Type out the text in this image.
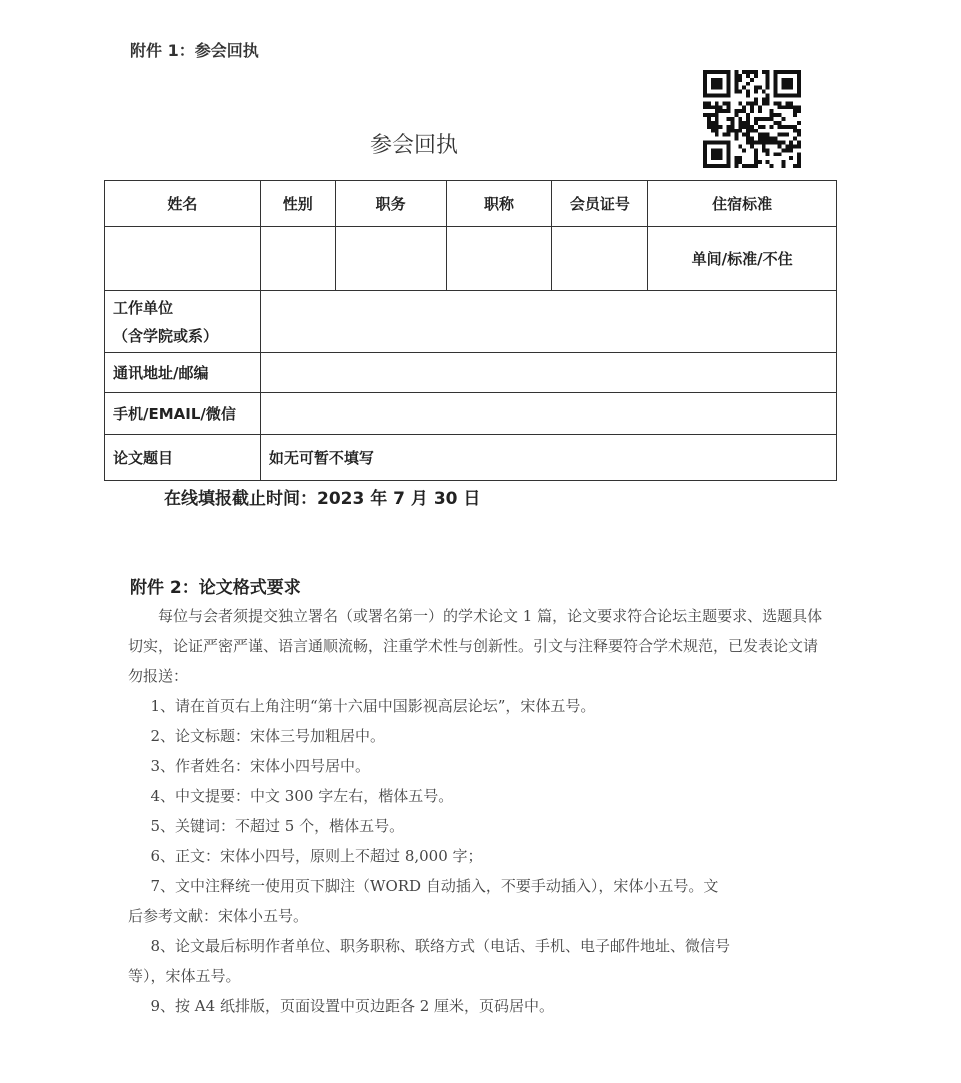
附件 1：参会回执
参会回执
姓名	性别	职务	职称	会员证号	住宿标准
					单间/标准/不住

工作单位
（含学院或系）					

通讯地址/邮编					
手机/EMAIL/微信					
论文题目	如无可暂不填写				
在线填报截止时间：2023 年 7 月 30 日
附件 2：论文格式要求

每位与会者须提交独立署名（或署名第一）的学术论文 1 篇，论文要求符合论坛主题要求、选题具体切实，论证严密严谨、语言通顺流畅，注重学术性与创新性。引文与注释要符合学术规范，已发表论文请勿报送：

1、请在首页右上角注明“第十六届中国影视高层论坛”，宋体五号。

2、论文标题：宋体三号加粗居中。

3、作者姓名：宋体小四号居中。

4、中文提要：中文 300 字左右，楷体五号。

5、关键词：不超过 5 个，楷体五号。

6、正文：宋体小四号，原则上不超过 8,000 字；

7、文中注释统一使用页下脚注（WORD 自动插入，不要手动插入），宋体小五号。文
后参考文献：宋体小五号。

8、论文最后标明作者单位、职务职称、联络方式（电话、手机、电子邮件地址、微信号
等），宋体五号。

9、按 A4 纸排版，页面设置中页边距各 2 厘米，页码居中。
